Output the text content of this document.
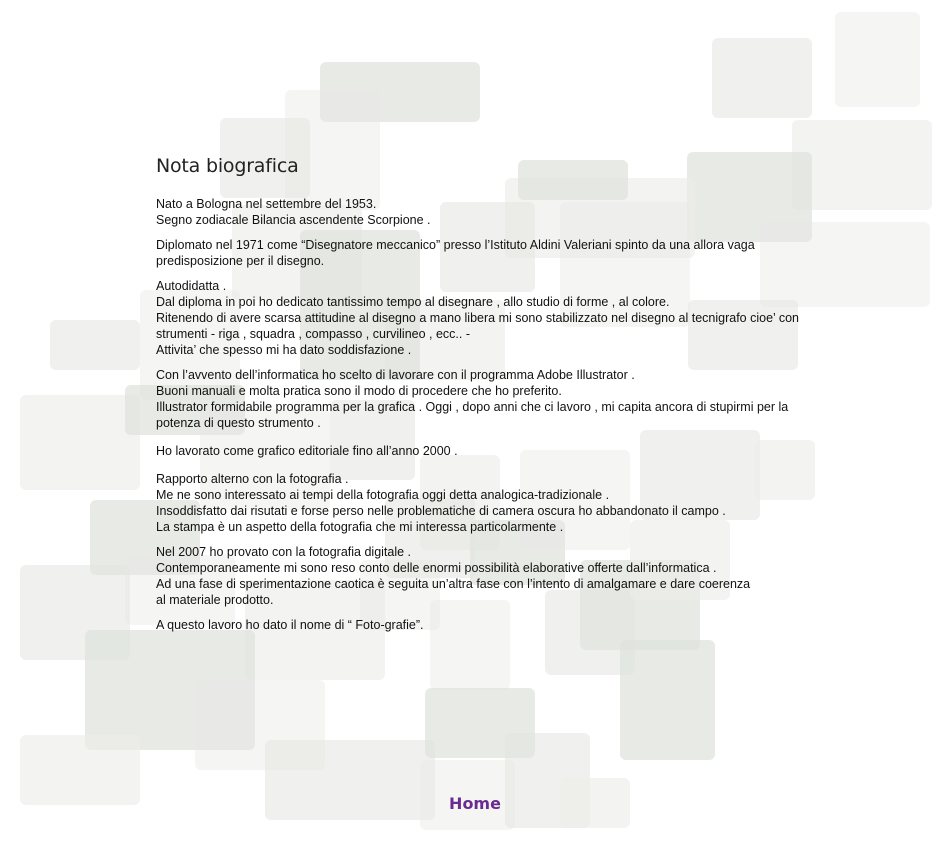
Nota biografica
Nato a Bologna nel settembre del 1953.
Segno zodiacale Bilancia ascendente Scorpione .
Diplomato nel 1971 come “Disegnatore meccanico” presso l’Istituto Aldini Valeriani spinto da una allora vaga
predisposizione per il disegno.
Autodidatta .
Dal diploma in poi ho dedicato tantissimo tempo al disegnare , allo studio di forme , al colore.
Ritenendo di avere scarsa attitudine al disegno a mano libera mi sono stabilizzato nel disegno al tecnigrafo cioe’ con
strumenti - riga , squadra , compasso , curvilineo , ecc.. -
Attivita’ che spesso mi ha dato soddisfazione .
Con l’avvento dell’informatica ho scelto di lavorare con il programma Adobe Illustrator .
Buoni manuali e molta pratica sono il modo di procedere che ho preferito.
Illustrator formidabile programma per la grafica . Oggi , dopo anni che ci lavoro , mi capita ancora di stupirmi per la
potenza di questo strumento .
Ho lavorato come grafico editoriale fino all’anno 2000 .
Rapporto alterno con la fotografia .
Me ne sono interessato ai tempi della fotografia oggi detta analogica-tradizionale .
Insoddisfatto dai risutati e forse perso nelle problematiche di camera oscura ho abbandonato il campo .
La stampa è un aspetto della fotografia che mi interessa particolarmente .
Nel 2007 ho provato con la fotografia digitale .
Contemporaneamente mi sono reso conto delle enormi possibilità elaborative offerte dall’informatica .
Ad una fase di sperimentazione caotica è seguita un’altra fase con l’intento di amalgamare e dare coerenza
al materiale prodotto.
A questo lavoro ho dato il nome di “ Foto-grafie”.
Home
